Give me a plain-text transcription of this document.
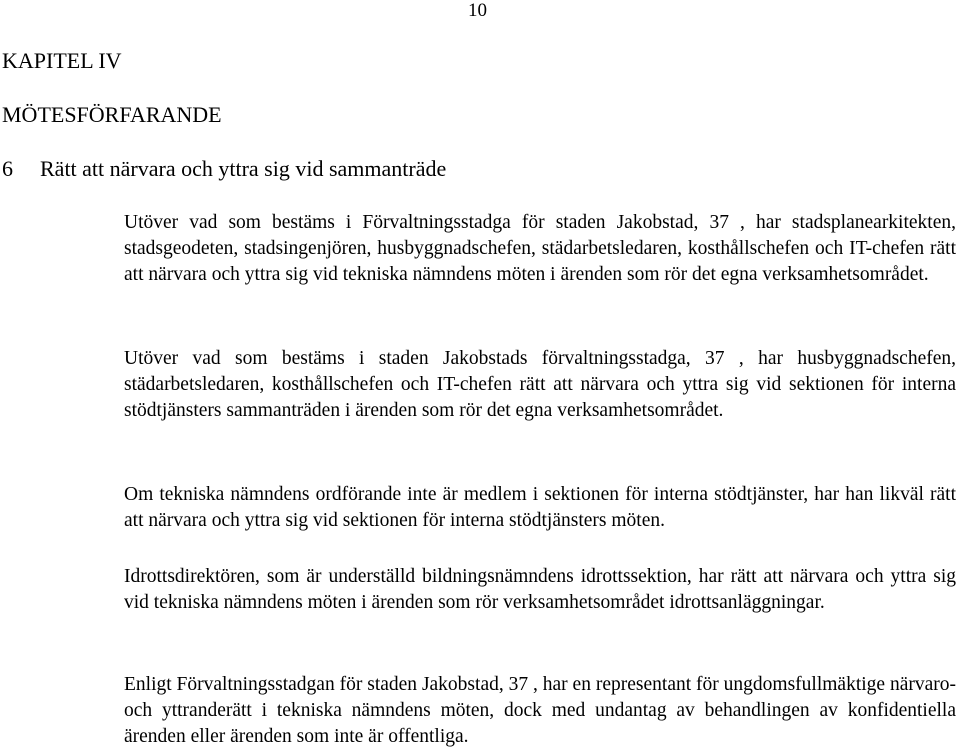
10
KAPITEL IV
MÖTESFÖRFARANDE
6 Rätt att närvara och yttra sig vid sammanträde
Utöver vad som bestäms i Förvaltningsstadga för staden Jakobstad, 37 , har stadsplanearkitekten, stadsgeodeten, stadsingenjören, husbyggnadschefen, städarbetsledaren, kosthållschefen och IT-chefen rätt att närvara och yttra sig vid tekniska nämndens möten i ärenden som rör det egna verksamhetsområdet.
Utöver vad som bestäms i staden Jakobstads förvaltningsstadga, 37 , har husbyggnadschefen, städarbetsledaren, kosthållschefen och IT-chefen rätt att närvara och yttra sig vid sektionen för interna stödtjänsters sammanträden i ärenden som rör det egna verksamhetsområdet.
Om tekniska nämndens ordförande inte är medlem i sektionen för interna stödtjänster, har han likväl rätt att närvara och yttra sig vid sektionen för interna stödtjänsters möten.
Idrottsdirektören, som är underställd bildningsnämndens idrottssektion, har rätt att närvara och yttra sig vid tekniska nämndens möten i ärenden som rör verksamhetsområdet idrottsanläggningar.
Enligt Förvaltningsstadgan för staden Jakobstad, 37 , har en representant för ungdomsfullmäktige närvaro- och yttranderätt i tekniska nämndens möten, dock med undantag av behandlingen av konfidentiella ärenden eller ärenden som inte är offentliga.
